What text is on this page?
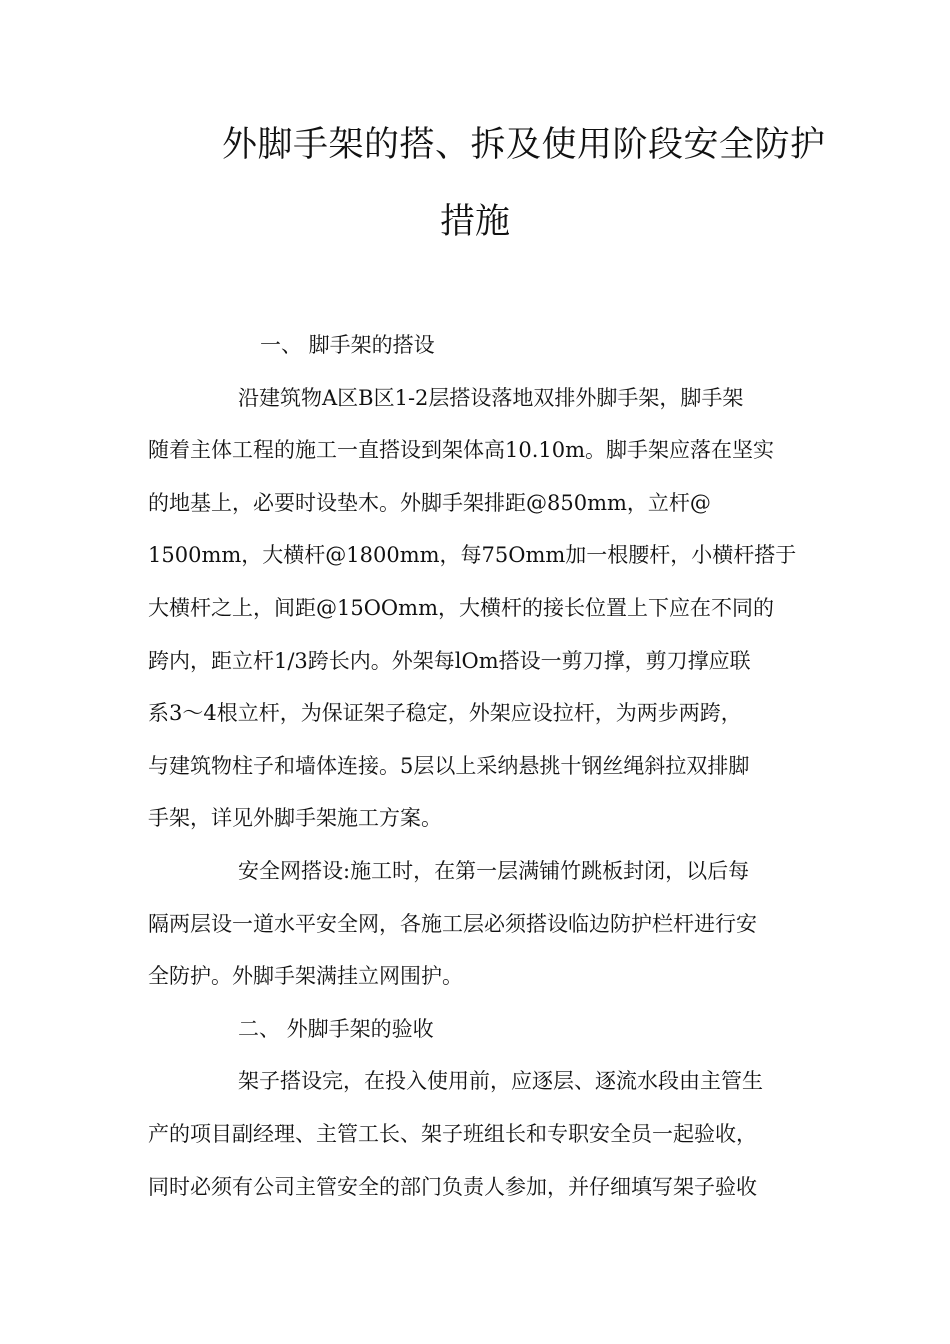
外脚手架的搭、拆及使用阶段安全防护
措施
一、 脚手架的搭设
沿建筑物A区B区1-2层搭设落地双排外脚手架，脚手架
随着主体工程的施工一直搭设到架体高10.10m。脚手架应落在坚实
的地基上，必要时设垫木。外脚手架排距@850mm，立杆@
1500mm，大横杆@1800mm，每75Omm加一根腰杆，小横杆搭于
大横杆之上，间距@15OOmm，大横杆的接长位置上下应在不同的
跨内，距立杆1/3跨长内。外架每lOm搭设一剪刀撑，剪刀撑应联
系3～4根立杆，为保证架子稳定，外架应设拉杆，为两步两跨，
与建筑物柱子和墙体连接。5层以上采纳悬挑十钢丝绳斜拉双排脚
手架，详见外脚手架施工方案。
安全网搭设:施工时，在第一层满铺竹跳板封闭，以后每
隔两层设一道水平安全网，各施工层必须搭设临边防护栏杆进行安
全防护。外脚手架满挂立网围护。
二、 外脚手架的验收
架子搭设完，在投入使用前，应逐层、逐流水段由主管生
产的项目副经理、主管工长、架子班组长和专职安全员一起验收，
同时必须有公司主管安全的部门负责人参加，并仔细填写架子验收
